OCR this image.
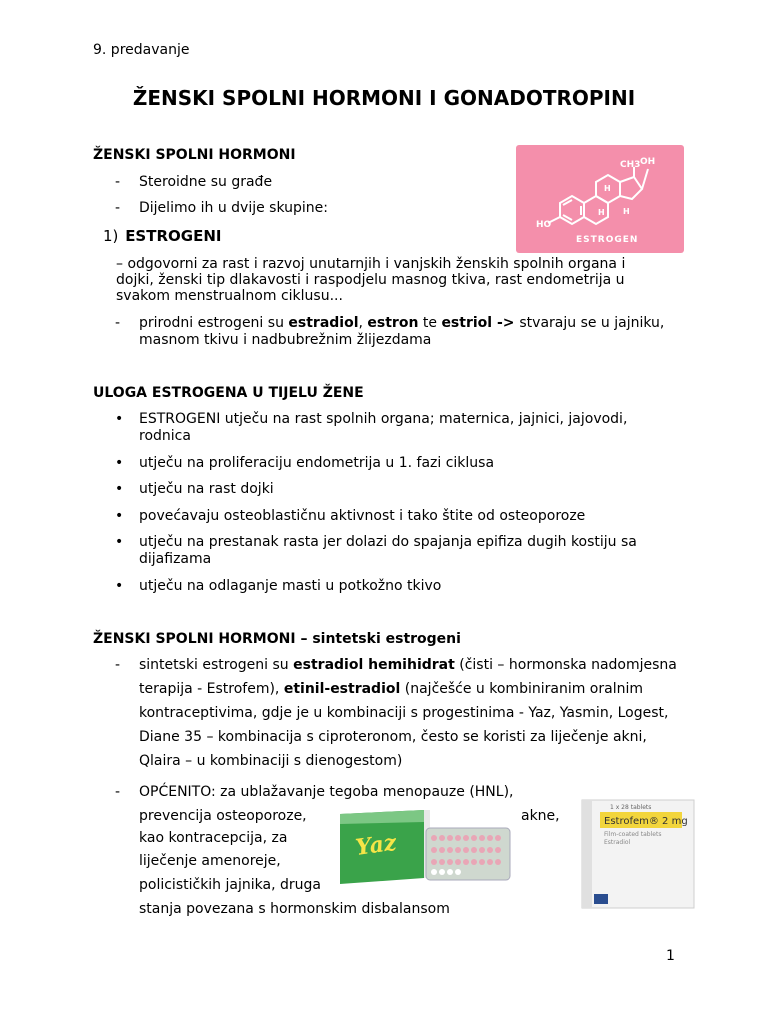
9. predavanje
ŽENSKI SPOLNI HORMONI I GONADOTROPINI
ŽENSKI SPOLNI HORMONI
- Steroidne su građe
- Dijelimo ih u dvije skupine:
1) ESTROGENI
– odgovorni za rast i razvoj unutarnjih i vanjskih ženskih spolnih organa i dojki, ženski tip dlakavosti i raspodjelu masnog tkiva, rast endometrija u svakom menstrualnom ciklusu...
- prirodni estrogeni su estradiol, estron te estriol -> stvaraju se u jajniku, masnom tkivu i nadbubrežnim žlijezdama
CH3 OH
HO
H
H
H
ESTROGEN
ULOGA ESTROGENA U TIJELU ŽENE
• ESTROGENI utječu na rast spolnih organa; maternica, jajnici, jajovodi, rodnica
• utječu na proliferaciju endometrija u 1. fazi ciklusa
• utječu na rast dojki
• povećavaju osteoblastičnu aktivnost i tako štite od osteoporoze
• utječu na prestanak rasta jer dolazi do spajanja epifiza dugih kostiju sa dijafizama
• utječu na odlaganje masti u potkožno tkivo
ŽENSKI SPOLNI HORMONI – sintetski estrogeni
- sintetski estrogeni su estradiol hemihidrat (čisti – hormonska nadomjesna terapija - Estrofem), etinil-estradiol (najčešće u kombiniranim oralnim kontraceptivima, gdje je u kombinaciji s progestinima - Yaz, Yasmin, Logest, Diane 35 – kombinacija s ciproteronom, često se koristi za liječenje akni, Qlaira – u kombinaciji s dienogestom)
- OPĆENITO: za ublažavanje tegoba menopauze (HNL),
prevencija osteoporoze,	akne,
kao kontracepcija, za
liječenje amenoreje,
policističkih jajnika, druga
stanja povezana s hormonskim disbalansom
Yaz
1 x 28 tablets
Estrofem® 2 mg
Film-coated tablets
Estradiol
1
